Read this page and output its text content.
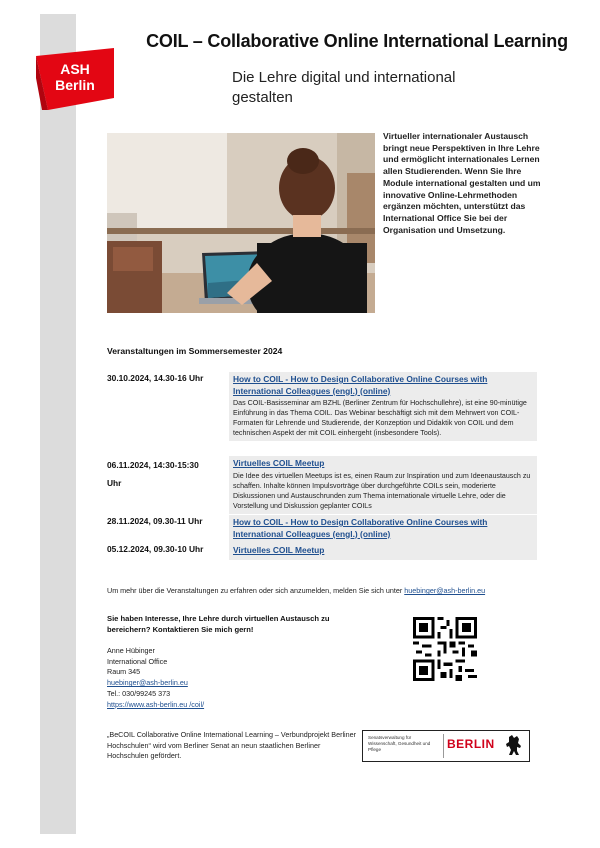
ASH
Berlin
COIL – Collaborative Online International Learning
Die Lehre digital und international gestalten
Virtueller internationaler Austausch bringt neue Perspektiven in Ihre Lehre und ermöglicht internationales Lernen allen Studierenden. Wenn Sie Ihre Module international gestalten und um innovative Online-Lehrmethoden ergänzen möchten, unterstützt das International Office Sie bei der Organisation und Umsetzung.
Veranstaltungen im Sommersemester 2024
30.10.2024, 14.30-16 Uhr	How to COIL - How to Design Collaborative Online Courses with International Colleagues (engl.) (online)
Das COIL-Basisseminar am BZHL (Berliner Zentrum für Hochschullehre), ist eine 90-minütige Einführung in das Thema COIL. Das Webinar beschäftigt sich mit dem Mehrwert von COIL-Formaten für Lehrende und Studierende, der Konzeption und Didaktik von COIL und dem technischen Aspekt der mit COIL einhergeht (insbesondere Tools).
06.11.2024, 14:30-15:30 Uhr
Virtuelles COIL Meetup
Die Idee des virtuellen Meetups ist es, einen Raum zur Inspiration und zum Ideenaustausch zu schaffen. Inhalte können Impulsvorträge über durchgeführte COILs sein, moderierte Diskussionen und Austauschrunden zum Thema internationale virtuelle Lehre, oder die Vorstellung und Diskussion geplanter COILs
28.11.2024, 09.30-11 Uhr	How to COIL - How to Design Collaborative Online Courses with International Colleagues (engl.) (online)
05.12.2024, 09.30-10 Uhr	Virtuelles COIL Meetup
Um mehr über die Veranstaltungen zu erfahren oder sich anzumelden, melden Sie sich unter huebinger@ash-berlin.eu
Sie haben Interesse, Ihre Lehre durch virtuellen Austausch zu bereichern? Kontaktieren Sie mich gern!
Anne Hübinger
International Office
Raum 345
huebinger@ash-berlin.eu
Tel.: 030/99245 373
https://www.ash-berlin.eu /coil/
„BeCOIL Collaborative Online International Learning – Verbundprojekt Berliner Hochschulen“ wird vom Berliner Senat an neun staatlichen Berliner Hochschulen gefördert.
Senatsverwaltung für Wissenschaft, Gesundheit und Pflege	BERLIN
